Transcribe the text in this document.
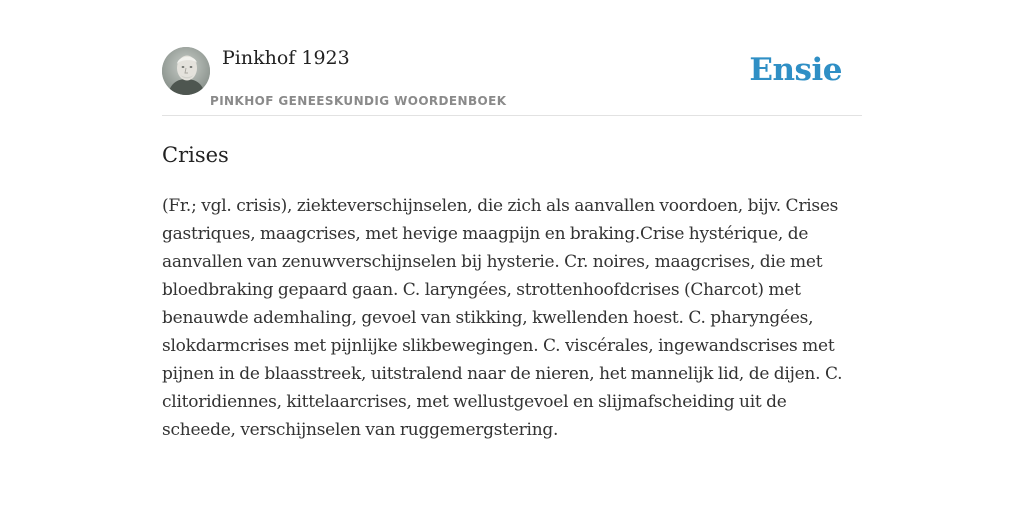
Pinkhof 1923
PINKHOF GENEESKUNDIG WOORDENBOEK
Ensie
Crises

(Fr.; vgl. crisis), ziekteverschijnselen, die zich als aanvallen voordoen, bijv. Crises gastriques, maagcrises, met hevige maagpijn en braking.Crise hystérique, de aanvallen van zenuwverschijnselen bij hysterie. Cr. noires, maagcrises, die met bloedbraking gepaard gaan. C. laryngées, strottenhoofdcrises (Charcot) met benauwde ademhaling, gevoel van stikking, kwellenden hoest. C. pharyngées, slokdarmcrises met pijnlijke slikbewegingen. C. viscérales, ingewandscrises met pijnen in de blaasstreek, uitstralend naar de nieren, het mannelijk lid, de dijen. C. clitoridiennes, kittelaarcrises, met wellustgevoel en slijmafscheiding uit de scheede, verschijnselen van ruggemergstering.
